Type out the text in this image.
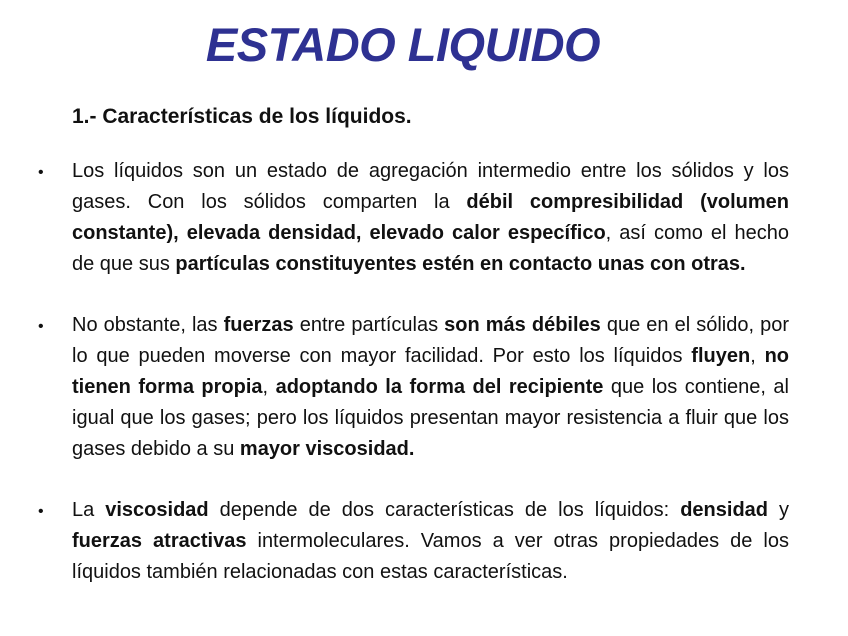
ESTADO LIQUIDO
1.- Características de los líquidos.
• Los líquidos son un estado de agregación intermedio entre los sólidos y los gases. Con los sólidos comparten la débil compresibilidad (volumen constante), elevada densidad, elevado calor específico, así como el hecho de que sus partículas constituyentes estén en contacto unas con otras.
• No obstante, las fuerzas entre partículas son más débiles que en el sólido, por lo que pueden moverse con mayor facilidad. Por esto los líquidos fluyen, no tienen forma propia, adoptando la forma del recipiente que los contiene, al igual que los gases; pero los líquidos presentan mayor resistencia a fluir que los gases debido a su mayor viscosidad.
• La viscosidad depende de dos características de los líquidos: densidad y fuerzas atractivas intermoleculares. Vamos a ver otras propiedades de los líquidos también relacionadas con estas características.
